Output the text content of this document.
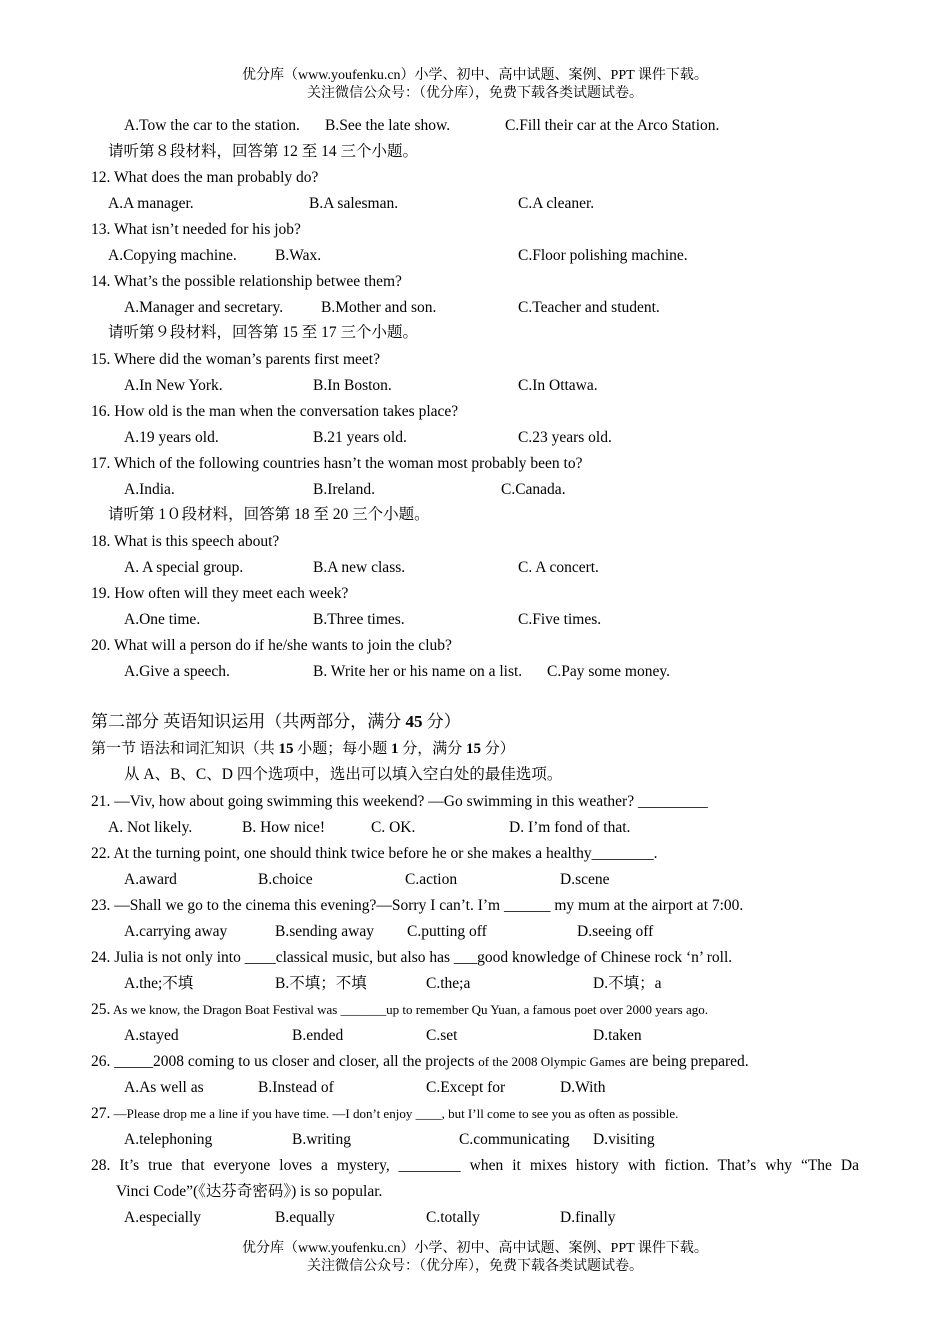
优分库（www.youfenku.cn）小学、初中、高中试题、案例、PPT 课件下载。
关注微信公众号：（优分库），免费下载各类试题试卷。
A.Tow the car to the station. B.See the late show.	C.Fill their car at the Arco Station.
请听第８段材料，回答第 12 至 14 三个小题。
12. What does the man probably do?
A.A manager.	B.A salesman.	C.A cleaner.
13. What isn’t needed for his job?
A.Copying machine. B.Wax.	C.Floor polishing machine.
14. What’s the possible relationship betwee them?
A.Manager and secretary. B.Mother and son.	C.Teacher and student.
请听第９段材料，回答第 15 至 17 三个小题。
15. Where did the woman’s parents first meet?
A.In New York.	B.In Boston.	C.In Ottawa.
16. How old is the man when the conversation takes place?
A.19 years old.	B.21 years old.	C.23 years old.
17. Which of the following countries hasn’t the woman most probably been to?
A.India.	B.Ireland.	C.Canada.
请听第 1０段材料，回答第 18 至 20 三个小题。
18. What is this speech about?
A. A special group.	B.A new class.	C. A concert.
19. How often will they meet each week?
A.One time.	B.Three times.	C.Five times.
20. What will a person do if he/she wants to join the club?
A.Give a speech.	B. Write her or his name on a list. C.Pay some money.
第二部分 英语知识运用（共两部分，满分 45 分）
第一节 语法和词汇知识（共 15 小题；每小题 1 分，满分 15 分）
从 A、B、C、D 四个选项中，选出可以填入空白处的最佳选项。
21. —Viv, how about going swimming this weekend? —Go swimming in this weather? _________
A. Not likely.	B. How nice!	C. OK.	D. I’m fond of that.
22. At the turning point, one should think twice before he or she makes a healthy________.
A.award	B.choice	C.action	D.scene
23. —Shall we go to the cinema this evening?—Sorry I can’t. I’m ______ my mum at the airport at 7:00.
A.carrying away	B.sending away C.putting off	D.seeing off
24. Julia is not only into ____classical music, but also has ___good knowledge of Chinese rock ‘n’ roll.
A.the;不填	B.不填；不填	C.the;a	D.不填；a
25. As we know, the Dragon Boat Festival was _______up to remember Qu Yuan, a famous poet over 2000 years ago.
A.stayed	B.ended	C.set	D.taken
26. _____2008 coming to us closer and closer, all the projects of the 2008 Olympic Games are being prepared.
A.As well as	B.Instead of	C.Except for	D.With
27. —Please drop me a line if you have time. —I don’t enjoy ____, but I’ll come to see you as often as possible.
A.telephoning	B.writing	C.communicating D.visiting
28. It’s true that everyone loves a mystery, ________ when it mixes history with fiction. That’s why “The Da
Vinci Code”(《达芬奇密码》) is so popular.
A.especially	B.equally	C.totally	D.finally
优分库（www.youfenku.cn）小学、初中、高中试题、案例、PPT 课件下载。
关注微信公众号：（优分库），免费下载各类试题试卷。
